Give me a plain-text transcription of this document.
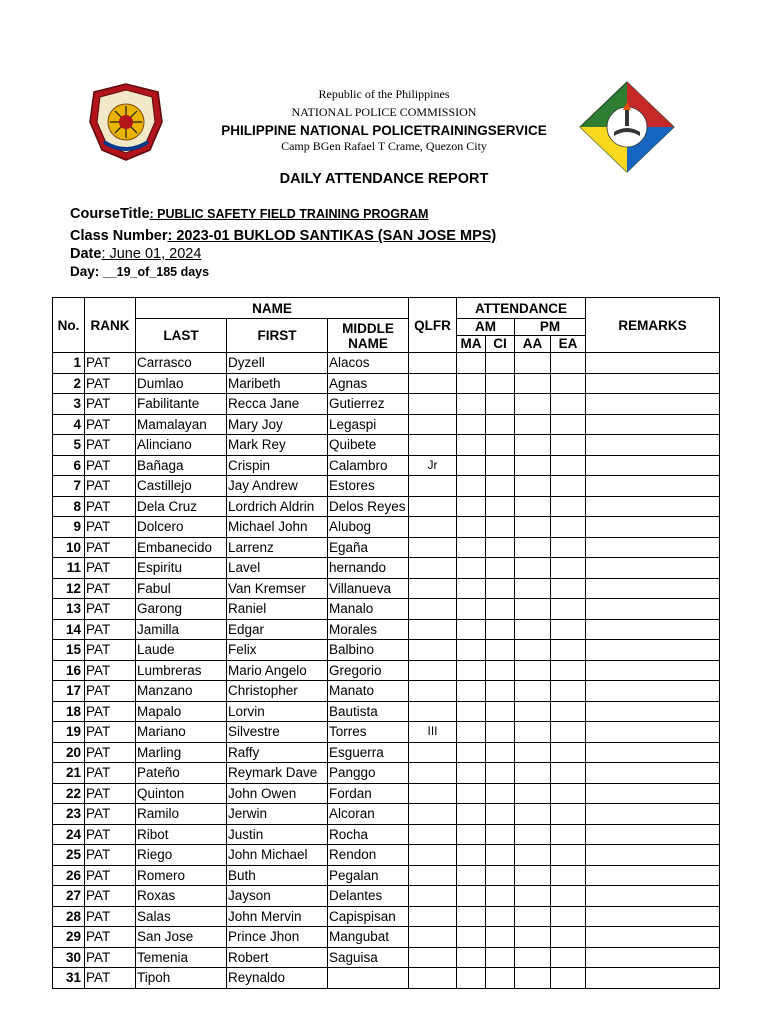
Republic of the Philippines
NATIONAL POLICE COMMISSION
PHILIPPINE NATIONAL POLICETRAININGSERVICE
Camp BGen Rafael T Crame, Quezon City
DAILY ATTENDANCE REPORT
CourseTitle: PUBLIC SAFETY FIELD TRAINING PROGRAM
Class Number: 2023-01 BUKLOD SANTIKAS (SAN JOSE MPS)
Date: June 01, 2024
Day: __19_of_185 days
No.	RANK	NAME			QLFR	ATTENDANCE				REMARKS
		LAST	FIRST	MIDDLE NAME		AM		PM		
						MA	CI	AA	EA	
1	PAT	Carrasco	Dyzell	Alacos						
2	PAT	Dumlao	Maribeth	Agnas						
3	PAT	Fabilitante	Recca Jane	Gutierrez						
4	PAT	Mamalayan	Mary Joy	Legaspi						
5	PAT	Alinciano	Mark Rey	Quibete						
6	PAT	Bañaga	Crispin	Calambro	Jr					
7	PAT	Castillejo	Jay Andrew	Estores						
8	PAT	Dela Cruz	Lordrich Aldrin	Delos Reyes						
9	PAT	Dolcero	Michael John	Alubog						
10	PAT	Embanecido	Larrenz	Egaña						
11	PAT	Espiritu	Lavel	hernando						
12	PAT	Fabul	Van Kremser	Villanueva						
13	PAT	Garong	Raniel	Manalo						
14	PAT	Jamilla	Edgar	Morales						
15	PAT	Laude	Felix	Balbino						
16	PAT	Lumbreras	Mario Angelo	Gregorio						
17	PAT	Manzano	Christopher	Manato						
18	PAT	Mapalo	Lorvin	Bautista						
19	PAT	Mariano	Silvestre	Torres	III					
20	PAT	Marling	Raffy	Esguerra						
21	PAT	Pateño	Reymark Dave	Panggo						
22	PAT	Quinton	John Owen	Fordan						
23	PAT	Ramilo	Jerwin	Alcoran						
24	PAT	Ribot	Justin	Rocha						
25	PAT	Riego	John Michael	Rendon						
26	PAT	Romero	Buth	Pegalan						
27	PAT	Roxas	Jayson	Delantes						
28	PAT	Salas	John Mervin	Capispisan						
29	PAT	San Jose	Prince Jhon	Mangubat						
30	PAT	Temenia	Robert	Saguisa						
31	PAT	Tipoh	Reynaldo							
